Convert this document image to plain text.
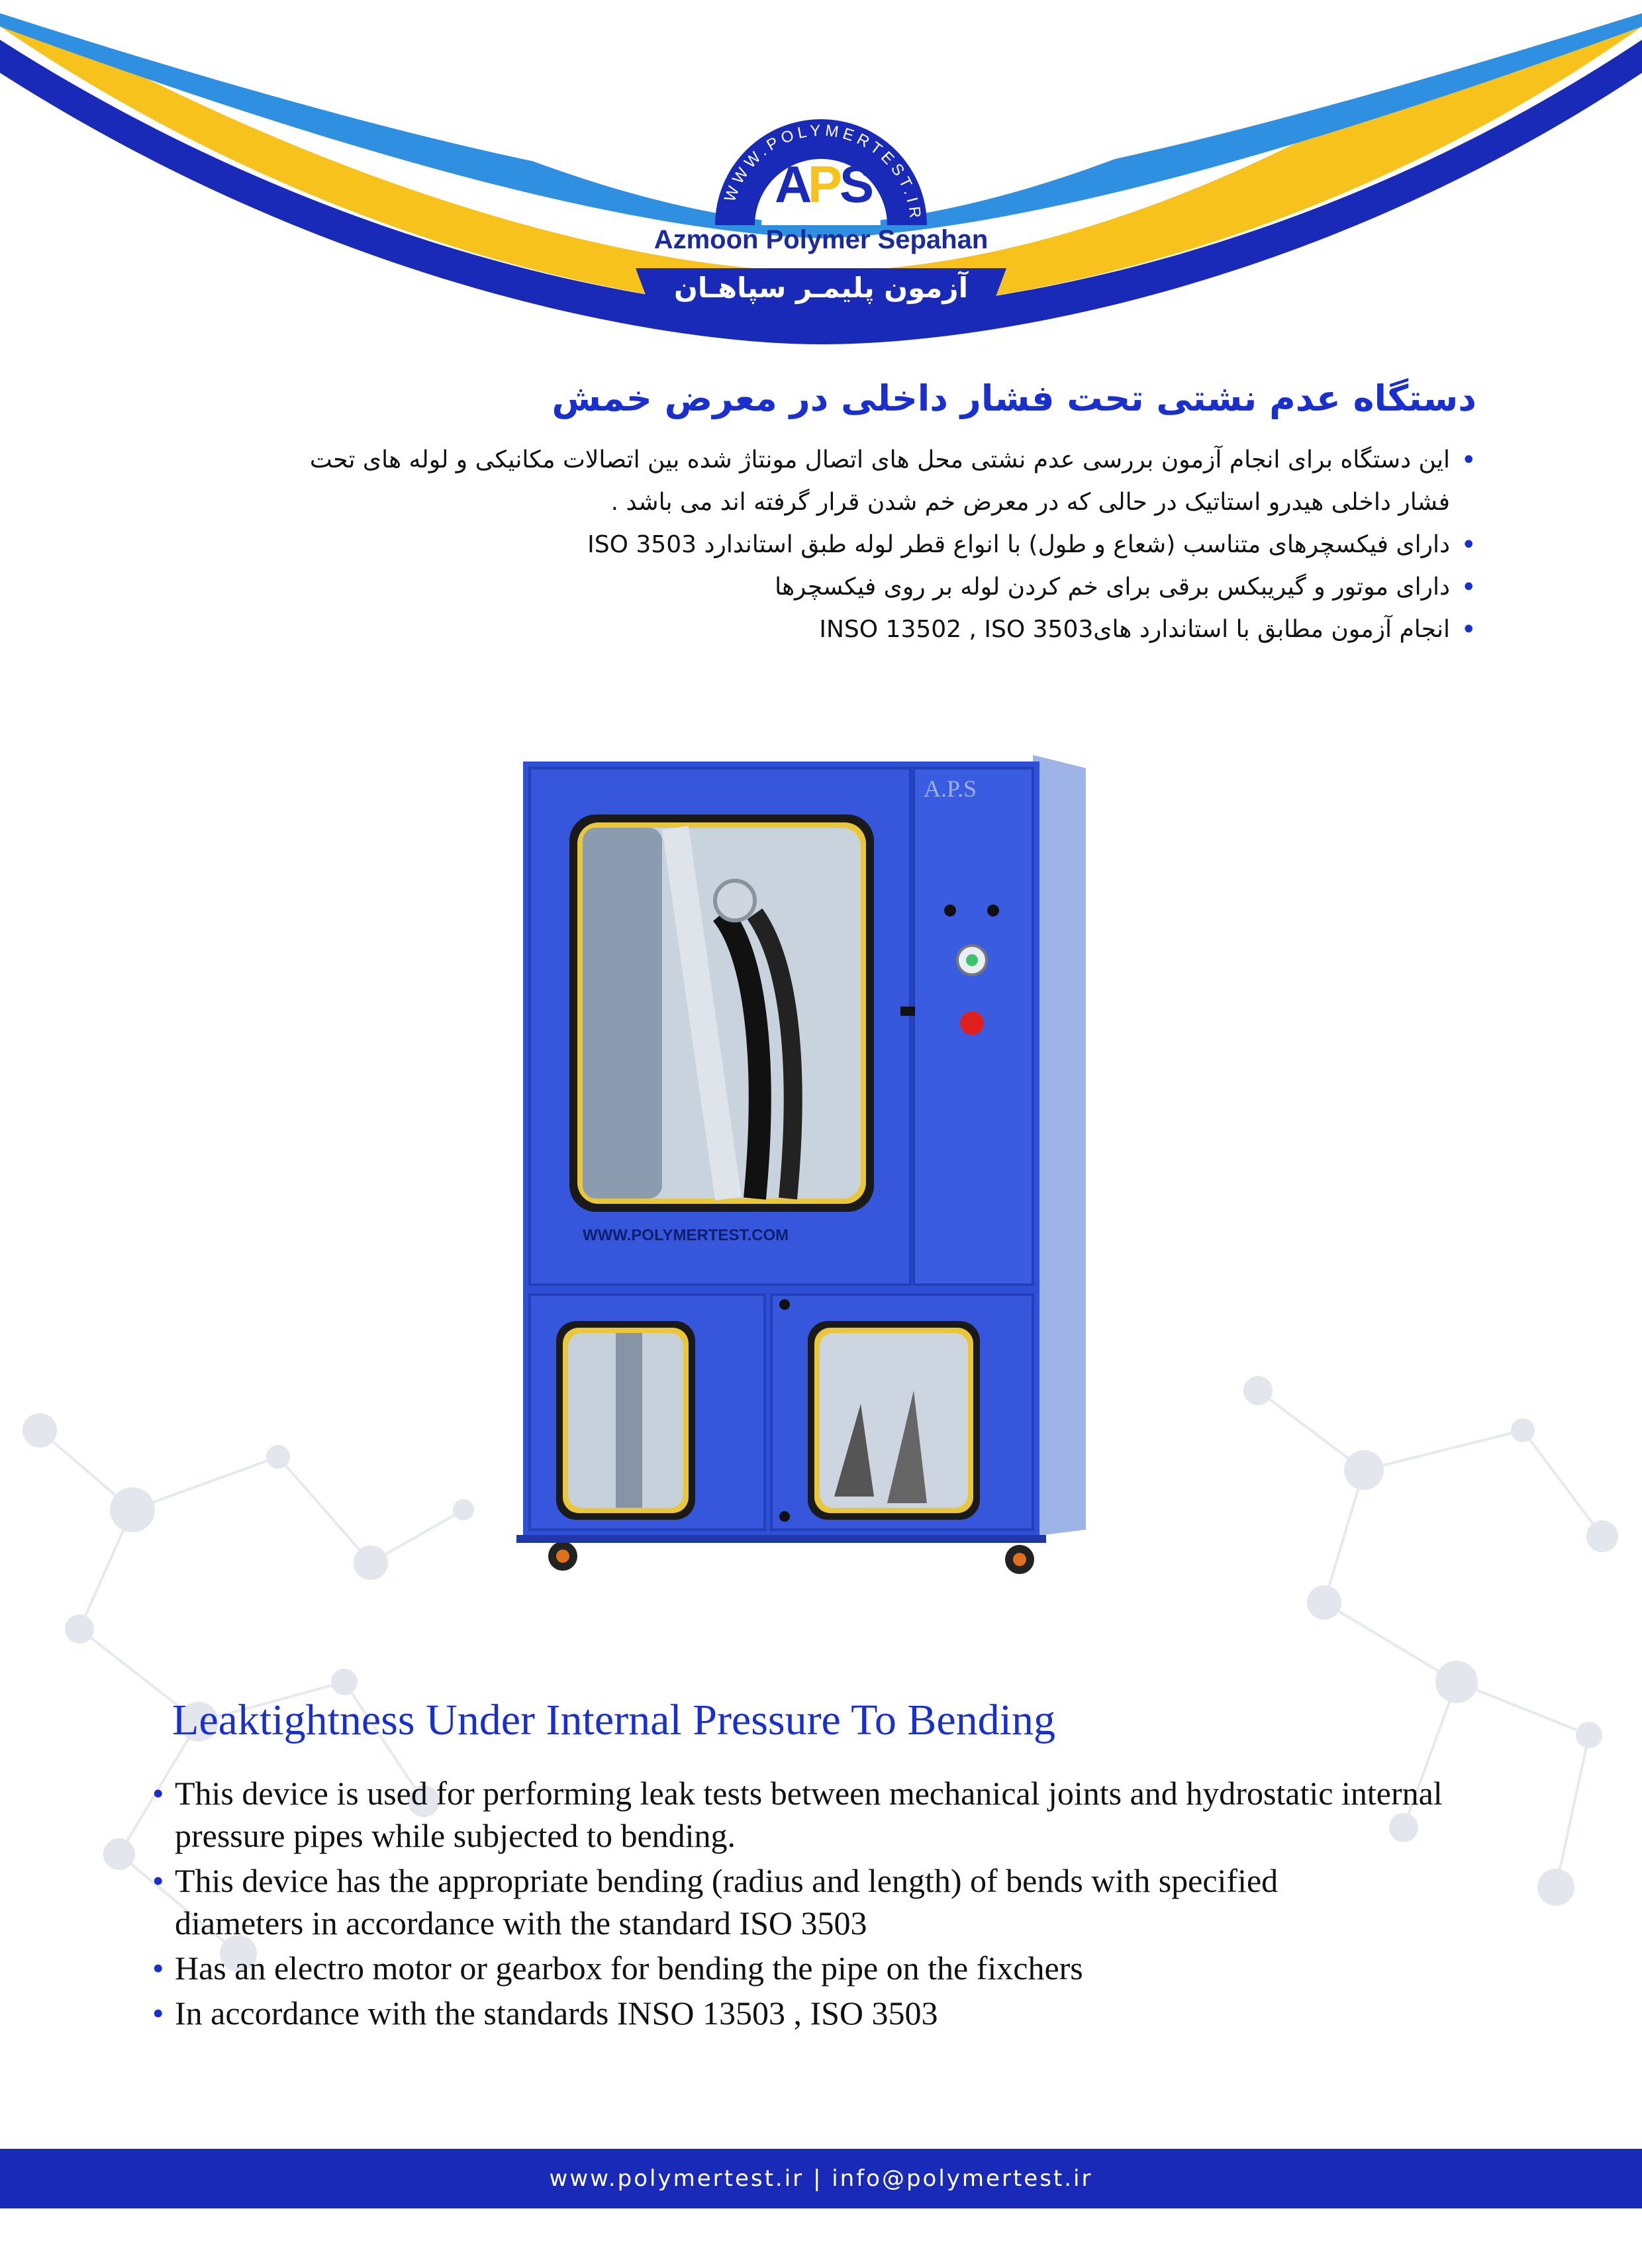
A
P
S
WWW.POLYMERTEST.IR
Azmoon Polymer Sepahan
آزمون پلیمـر سپاهـان
دستگاه عدم نشتی تحت فشار داخلی در معرض خمش
• این دستگاه برای انجام آزمون بررسی عدم نشتی محل های اتصال مونتاژ شده بین اتصالات مکانیکی و لوله های تحت فشار داخلی هیدرو استاتیک در حالی که در معرض خم شدن قرار گرفته اند می باشد .
• دارای فیکسچرهای متناسب (شعاع و طول) با انواع قطر لوله طبق استاندارد ISO 3503
• دارای موتور و گیریبکس برقی برای خم کردن لوله بر روی فیکسچرها
• انجام آزمون مطابق با استاندارد های3503 INSO 13502 , ISO
A.P.S
WWW.POLYMERTEST.COM
Leaktightness Under Internal Pressure To Bending
• This device is used for performing leak tests between mechanical joints and hydrostatic internal pressure pipes while subjected to bending.
• This device has the appropriate bending (radius and length) of bends with specified diameters in accordance with the standard ISO 3503
• Has an electro motor or gearbox for bending the pipe on the fixchers
• In accordance with the standards INSO 13503 , ISO 3503
www.polymertest.ir | info@polymertest.ir
